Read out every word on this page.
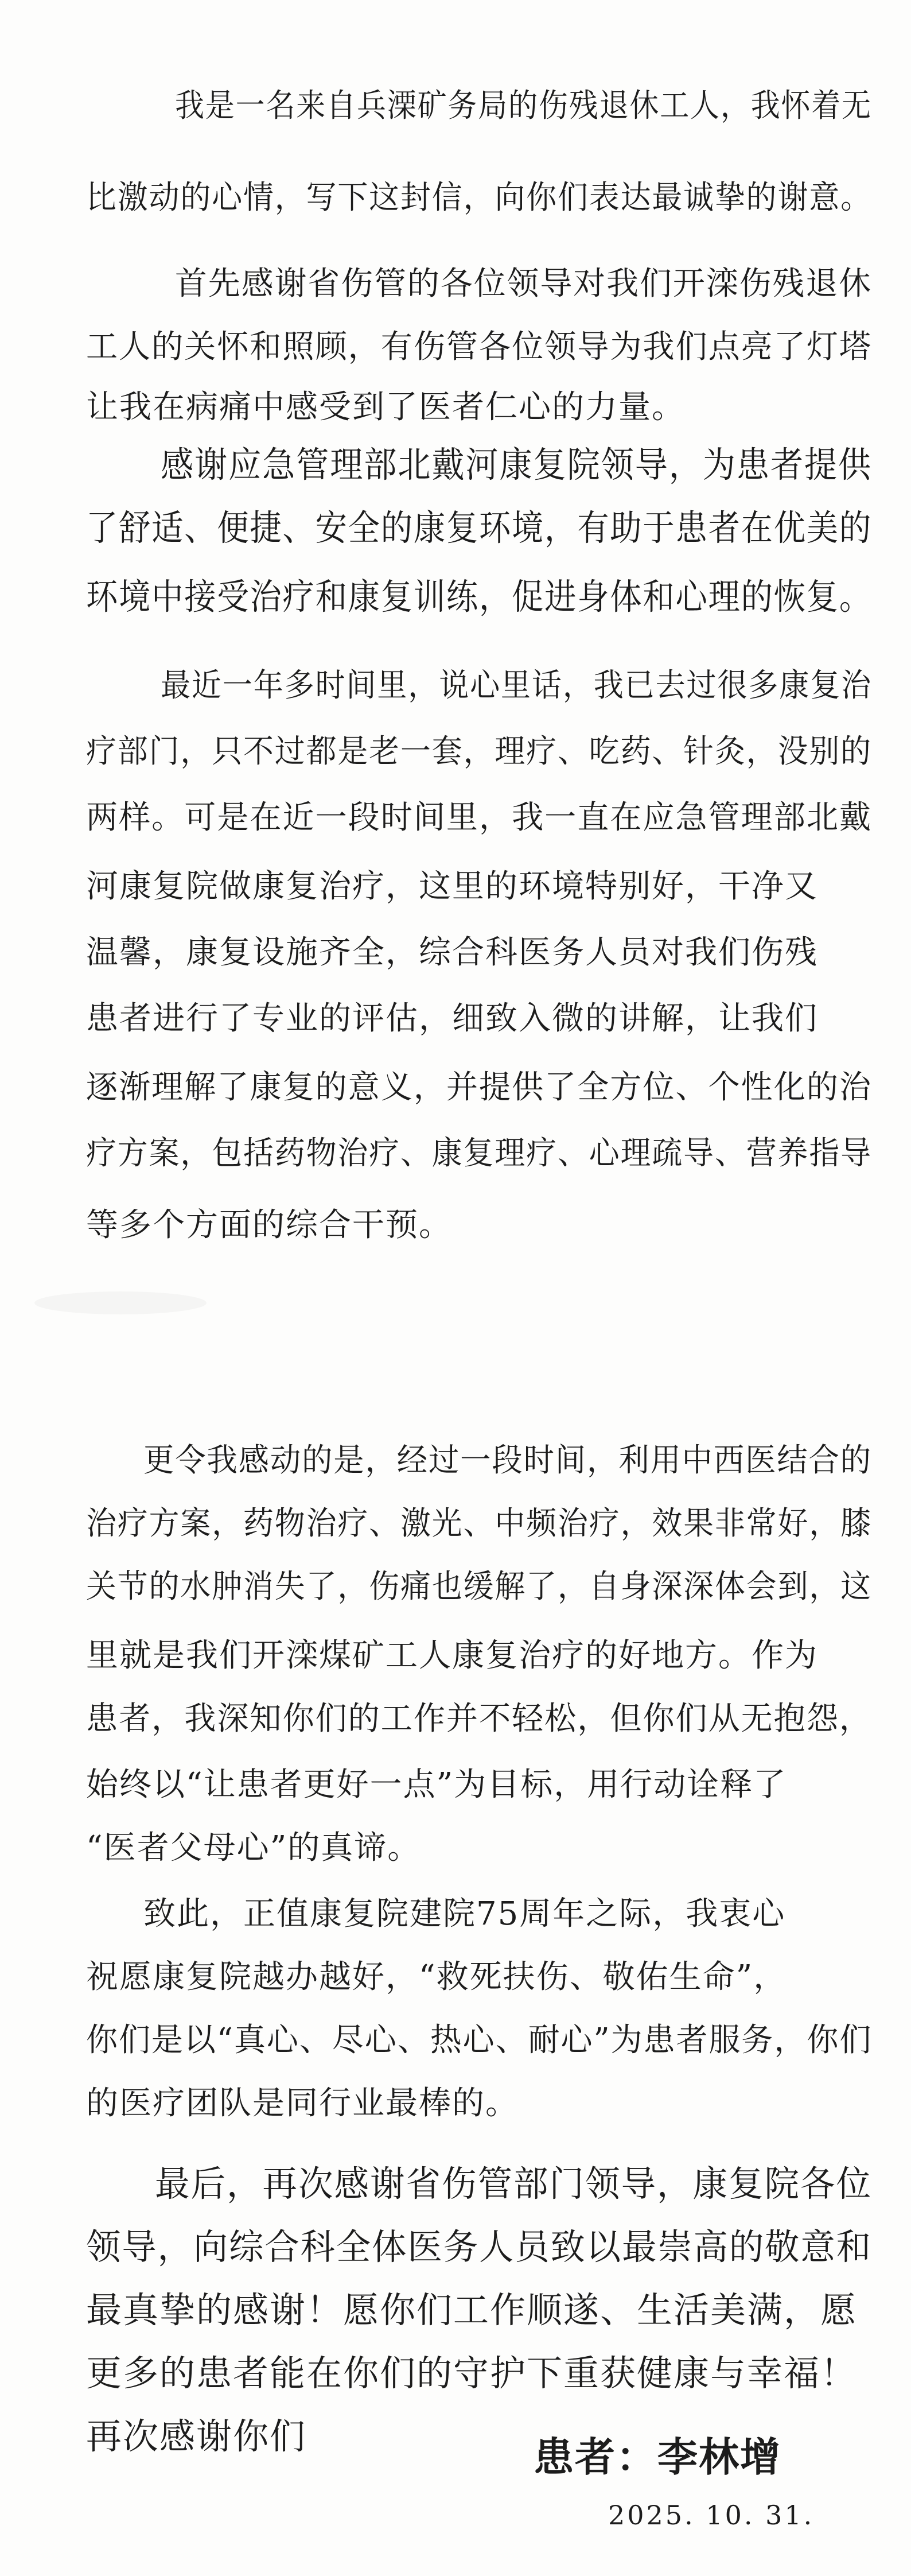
我是一名来自兵溧矿务局的伤残退休工人，我怀着无
比激动的心情，写下这封信，向你们表达最诚挚的谢意。
首先感谢省伤管的各位领导对我们开滦伤残退休
工人的关怀和照顾，有伤管各位领导为我们点亮了灯塔
让我在病痛中感受到了医者仁心的力量。
感谢应急管理部北戴河康复院领导，为患者提供
了舒适、便捷、安全的康复环境，有助于患者在优美的
环境中接受治疗和康复训练，促进身体和心理的恢复。
最近一年多时间里，说心里话，我已去过很多康复治
疗部门，只不过都是老一套，理疗、吃药、针灸，没别的
两样。可是在近一段时间里，我一直在应急管理部北戴
河康复院做康复治疗，这里的环境特别好，干净又
温馨，康复设施齐全，综合科医务人员对我们伤残
患者进行了专业的评估，细致入微的讲解，让我们
逐渐理解了康复的意义，并提供了全方位、个性化的治
疗方案，包括药物治疗、康复理疗、心理疏导、营养指导
等多个方面的综合干预。
更令我感动的是，经过一段时间，利用中西医结合的
治疗方案，药物治疗、激光、中频治疗，效果非常好，膝
关节的水肿消失了，伤痛也缓解了，自身深深体会到，这
里就是我们开滦煤矿工人康复治疗的好地方。作为
患者，我深知你们的工作并不轻松，但你们从无抱怨，
始终以“让患者更好一点”为目标，用行动诠释了
“医者父母心”的真谛。
致此，正值康复院建院75周年之际，我衷心
祝愿康复院越办越好，“救死扶伤、敬佑生命”，
你们是以“真心、尽心、热心、耐心”为患者服务，你们
的医疗团队是同行业最棒的。
最后，再次感谢省伤管部门领导，康复院各位
领导，向综合科全体医务人员致以最崇高的敬意和
最真挚的感谢！愿你们工作顺遂、生活美满，愿
更多的患者能在你们的守护下重获健康与幸福！
再次感谢你们	患者：李林增
2025. 10. 31.
